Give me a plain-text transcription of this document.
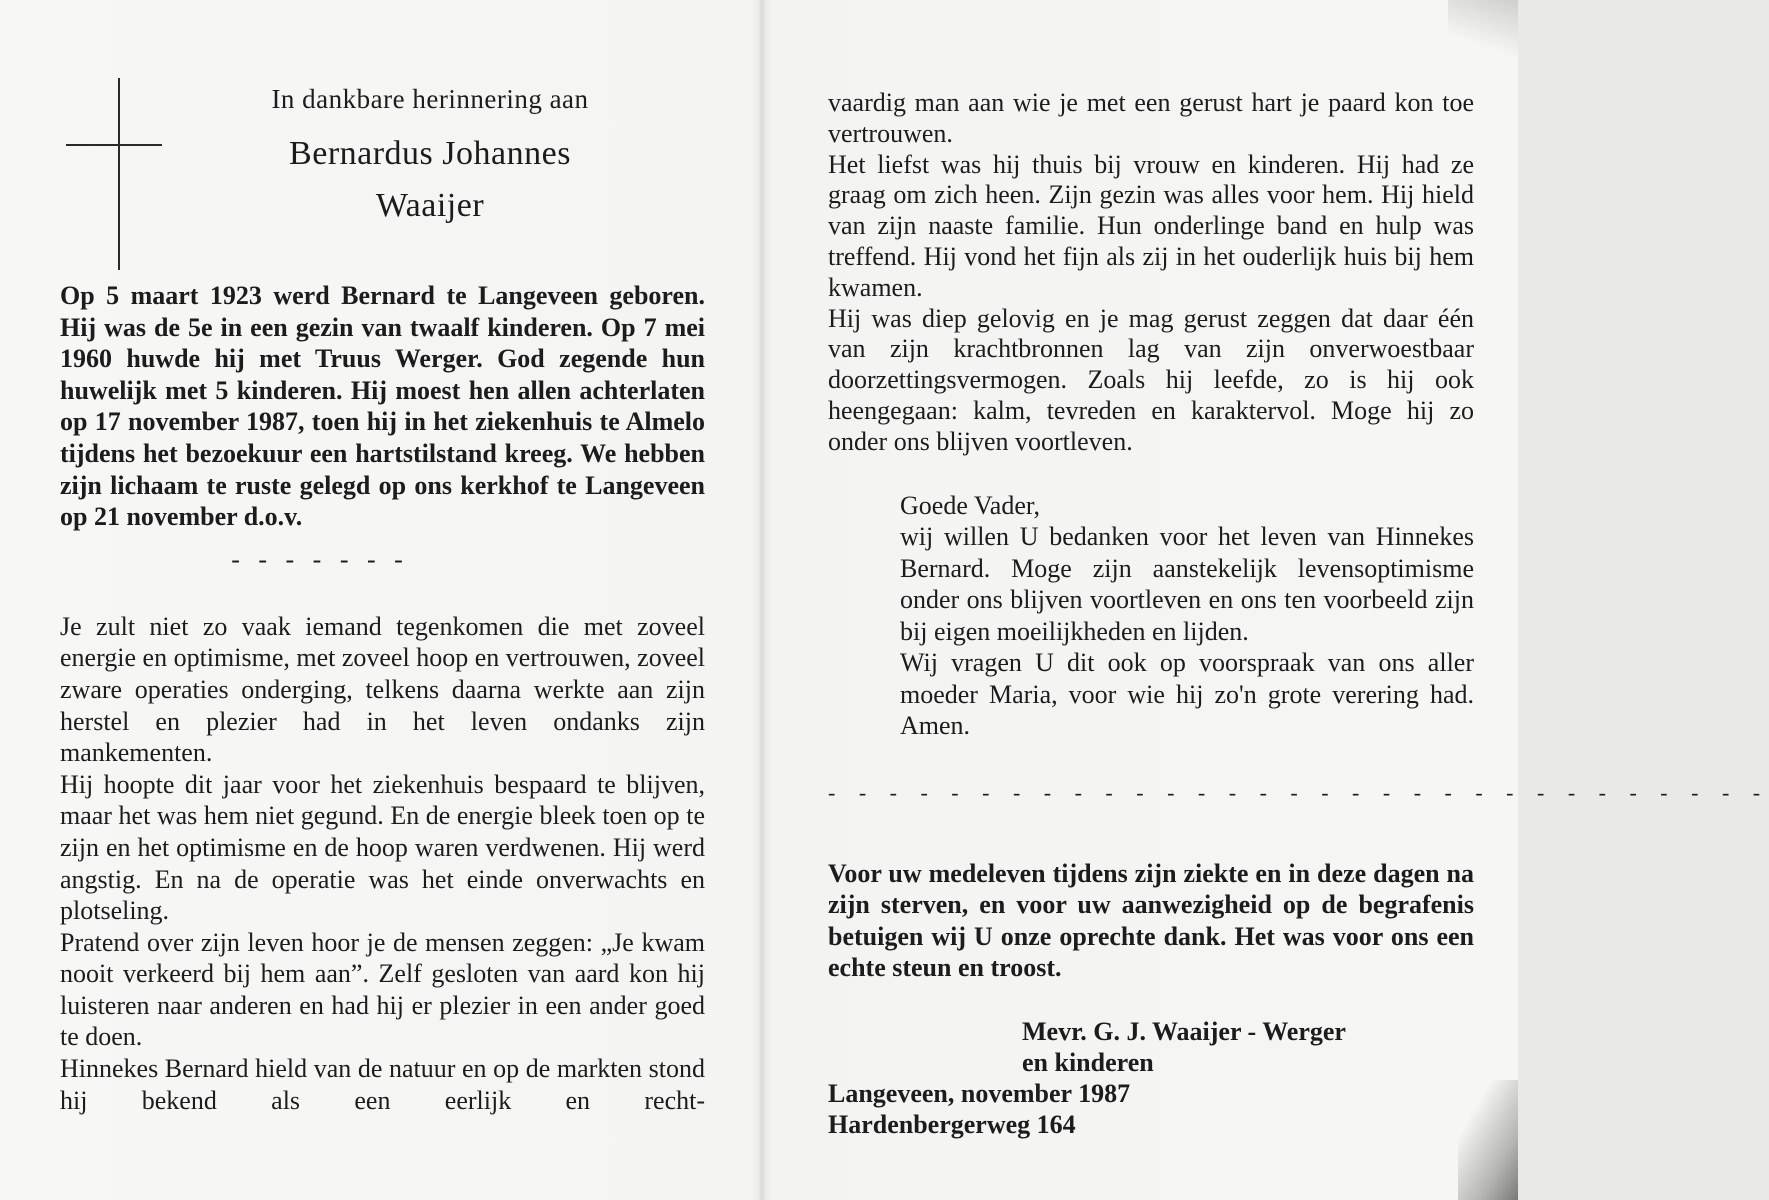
In dankbare herinnering aan
Bernardus Johannes
Waaijer
Op 5 maart 1923 werd Bernard te Langeveen geboren. Hij was de 5e in een gezin van twaalf kinderen. Op 7 mei 1960 huwde hij met Truus Werger. God zegende hun huwelijk met 5 kinderen. Hij moest hen allen achterlaten op 17 november 1987, toen hij in het ziekenhuis te Almelo tijdens het bezoekuur een hartstilstand kreeg. We hebben zijn lichaam te ruste gelegd op ons kerkhof te Langeveen op 21 november d.o.v.
- - - - - - -

Je zult niet zo vaak iemand tegenkomen die met zoveel energie en optimisme, met zoveel hoop en vertrouwen, zoveel zware operaties onderging, telkens daarna werkte aan zijn herstel en plezier had in het leven ondanks zijn mankementen.

Hij hoopte dit jaar voor het ziekenhuis bespaard te blijven, maar het was hem niet gegund. En de energie bleek toen op te zijn en het optimisme en de hoop waren verdwenen. Hij werd angstig. En na de operatie was het einde onverwachts en plotseling.

Pratend over zijn leven hoor je de mensen zeggen: „Je kwam nooit verkeerd bij hem aan”. Zelf gesloten van aard kon hij luisteren naar anderen en had hij er plezier in een ander goed te doen.

Hinnekes Bernard hield van de natuur en op de markten stond hij bekend als een eerlijk en recht-

vaardig man aan wie je met een gerust hart je paard kon toe vertrouwen.

Het liefst was hij thuis bij vrouw en kinderen. Hij had ze graag om zich heen. Zijn gezin was alles voor hem. Hij hield van zijn naaste familie. Hun onderlinge band en hulp was treffend. Hij vond het fijn als zij in het ouderlijk huis bij hem kwamen.

Hij was diep gelovig en je mag gerust zeggen dat daar één van zijn krachtbronnen lag van zijn onverwoestbaar doorzettingsvermogen. Zoals hij leefde, zo is hij ook heengegaan: kalm, tevreden en karaktervol. Moge hij zo onder ons blijven voortleven.

Goede Vader,

wij willen U bedanken voor het leven van Hinnekes Bernard. Moge zijn aanstekelijk levensoptimisme onder ons blijven voortleven en ons ten voorbeeld zijn bij eigen moeilijkheden en lijden.

Wij vragen U dit ook op voorspraak van ons aller moeder Maria, voor wie hij zo'n grote verering had. Amen.

- - - - - - - - - - - - - - - - - - - - - - - - - - - - - - -
Voor uw medeleven tijdens zijn ziekte en in deze dagen na zijn sterven, en voor uw aanwezigheid op de begrafenis betuigen wij U onze oprechte dank. Het was voor ons een echte steun en troost.
Mevr. G. J. Waaijer - Werger
en kinderen
Langeveen, november 1987
Hardenbergerweg 164
